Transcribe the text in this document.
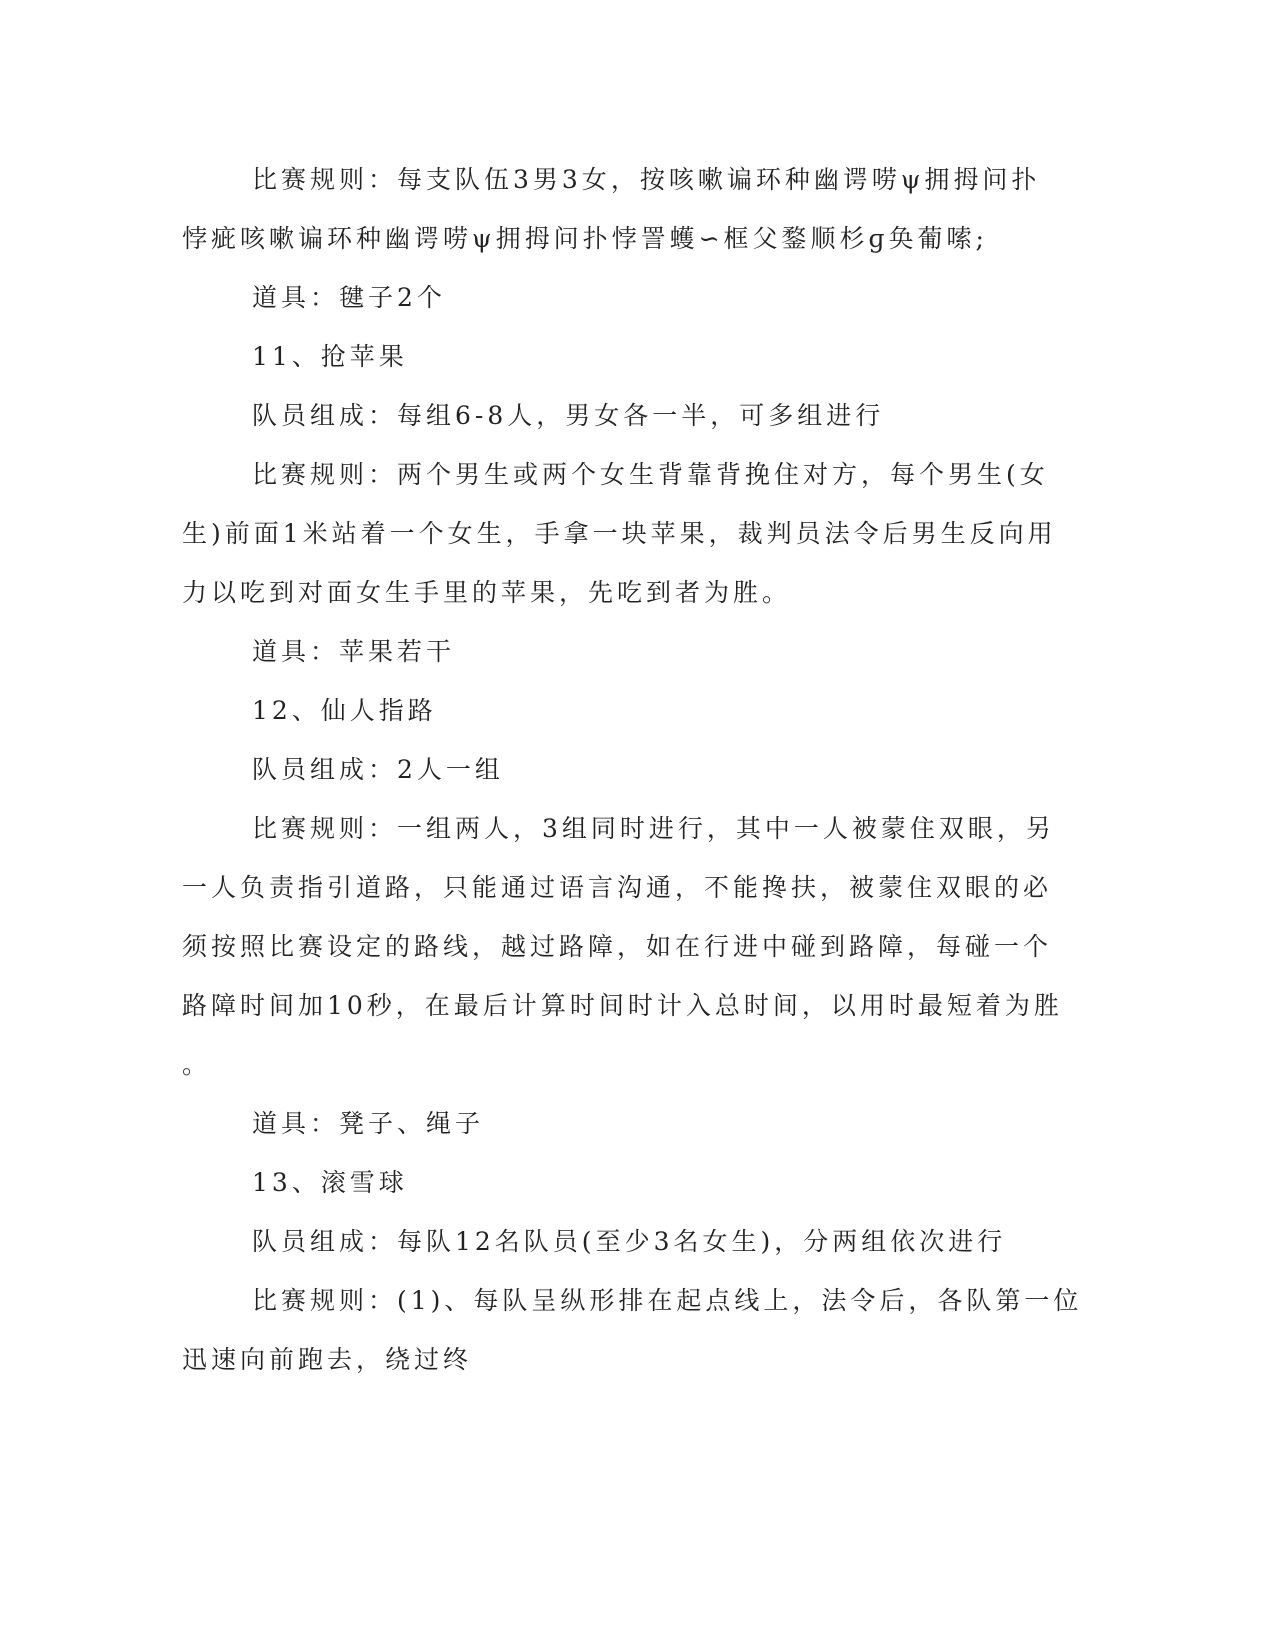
比赛规则：每支队伍3男3女，按咳嗽谝环种幽谔唠ψ拥拇问扑

悖疵咳嗽谝环种幽谔唠ψ拥拇问扑悖詈蠖∽框父鍪顺杉ɡ奂葡嗦;

道具：毽子2个

11、抢苹果

队员组成：每组6-8人，男女各一半，可多组进行

比赛规则：两个男生或两个女生背靠背挽住对方，每个男生(女

生)前面1米站着一个女生，手拿一块苹果，裁判员法令后男生反向用

力以吃到对面女生手里的苹果，先吃到者为胜。

道具：苹果若干

12、仙人指路

队员组成：2人一组

比赛规则：一组两人，3组同时进行，其中一人被蒙住双眼，另

一人负责指引道路，只能通过语言沟通，不能搀扶，被蒙住双眼的必

须按照比赛设定的路线，越过路障，如在行进中碰到路障，每碰一个

路障时间加10秒，在最后计算时间时计入总时间，以用时最短着为胜

。

道具：凳子、绳子

13、滚雪球

队员组成：每队12名队员(至少3名女生)，分两组依次进行

比赛规则：(1)、每队呈纵形排在起点线上，法令后，各队第一位

迅速向前跑去，绕过终
